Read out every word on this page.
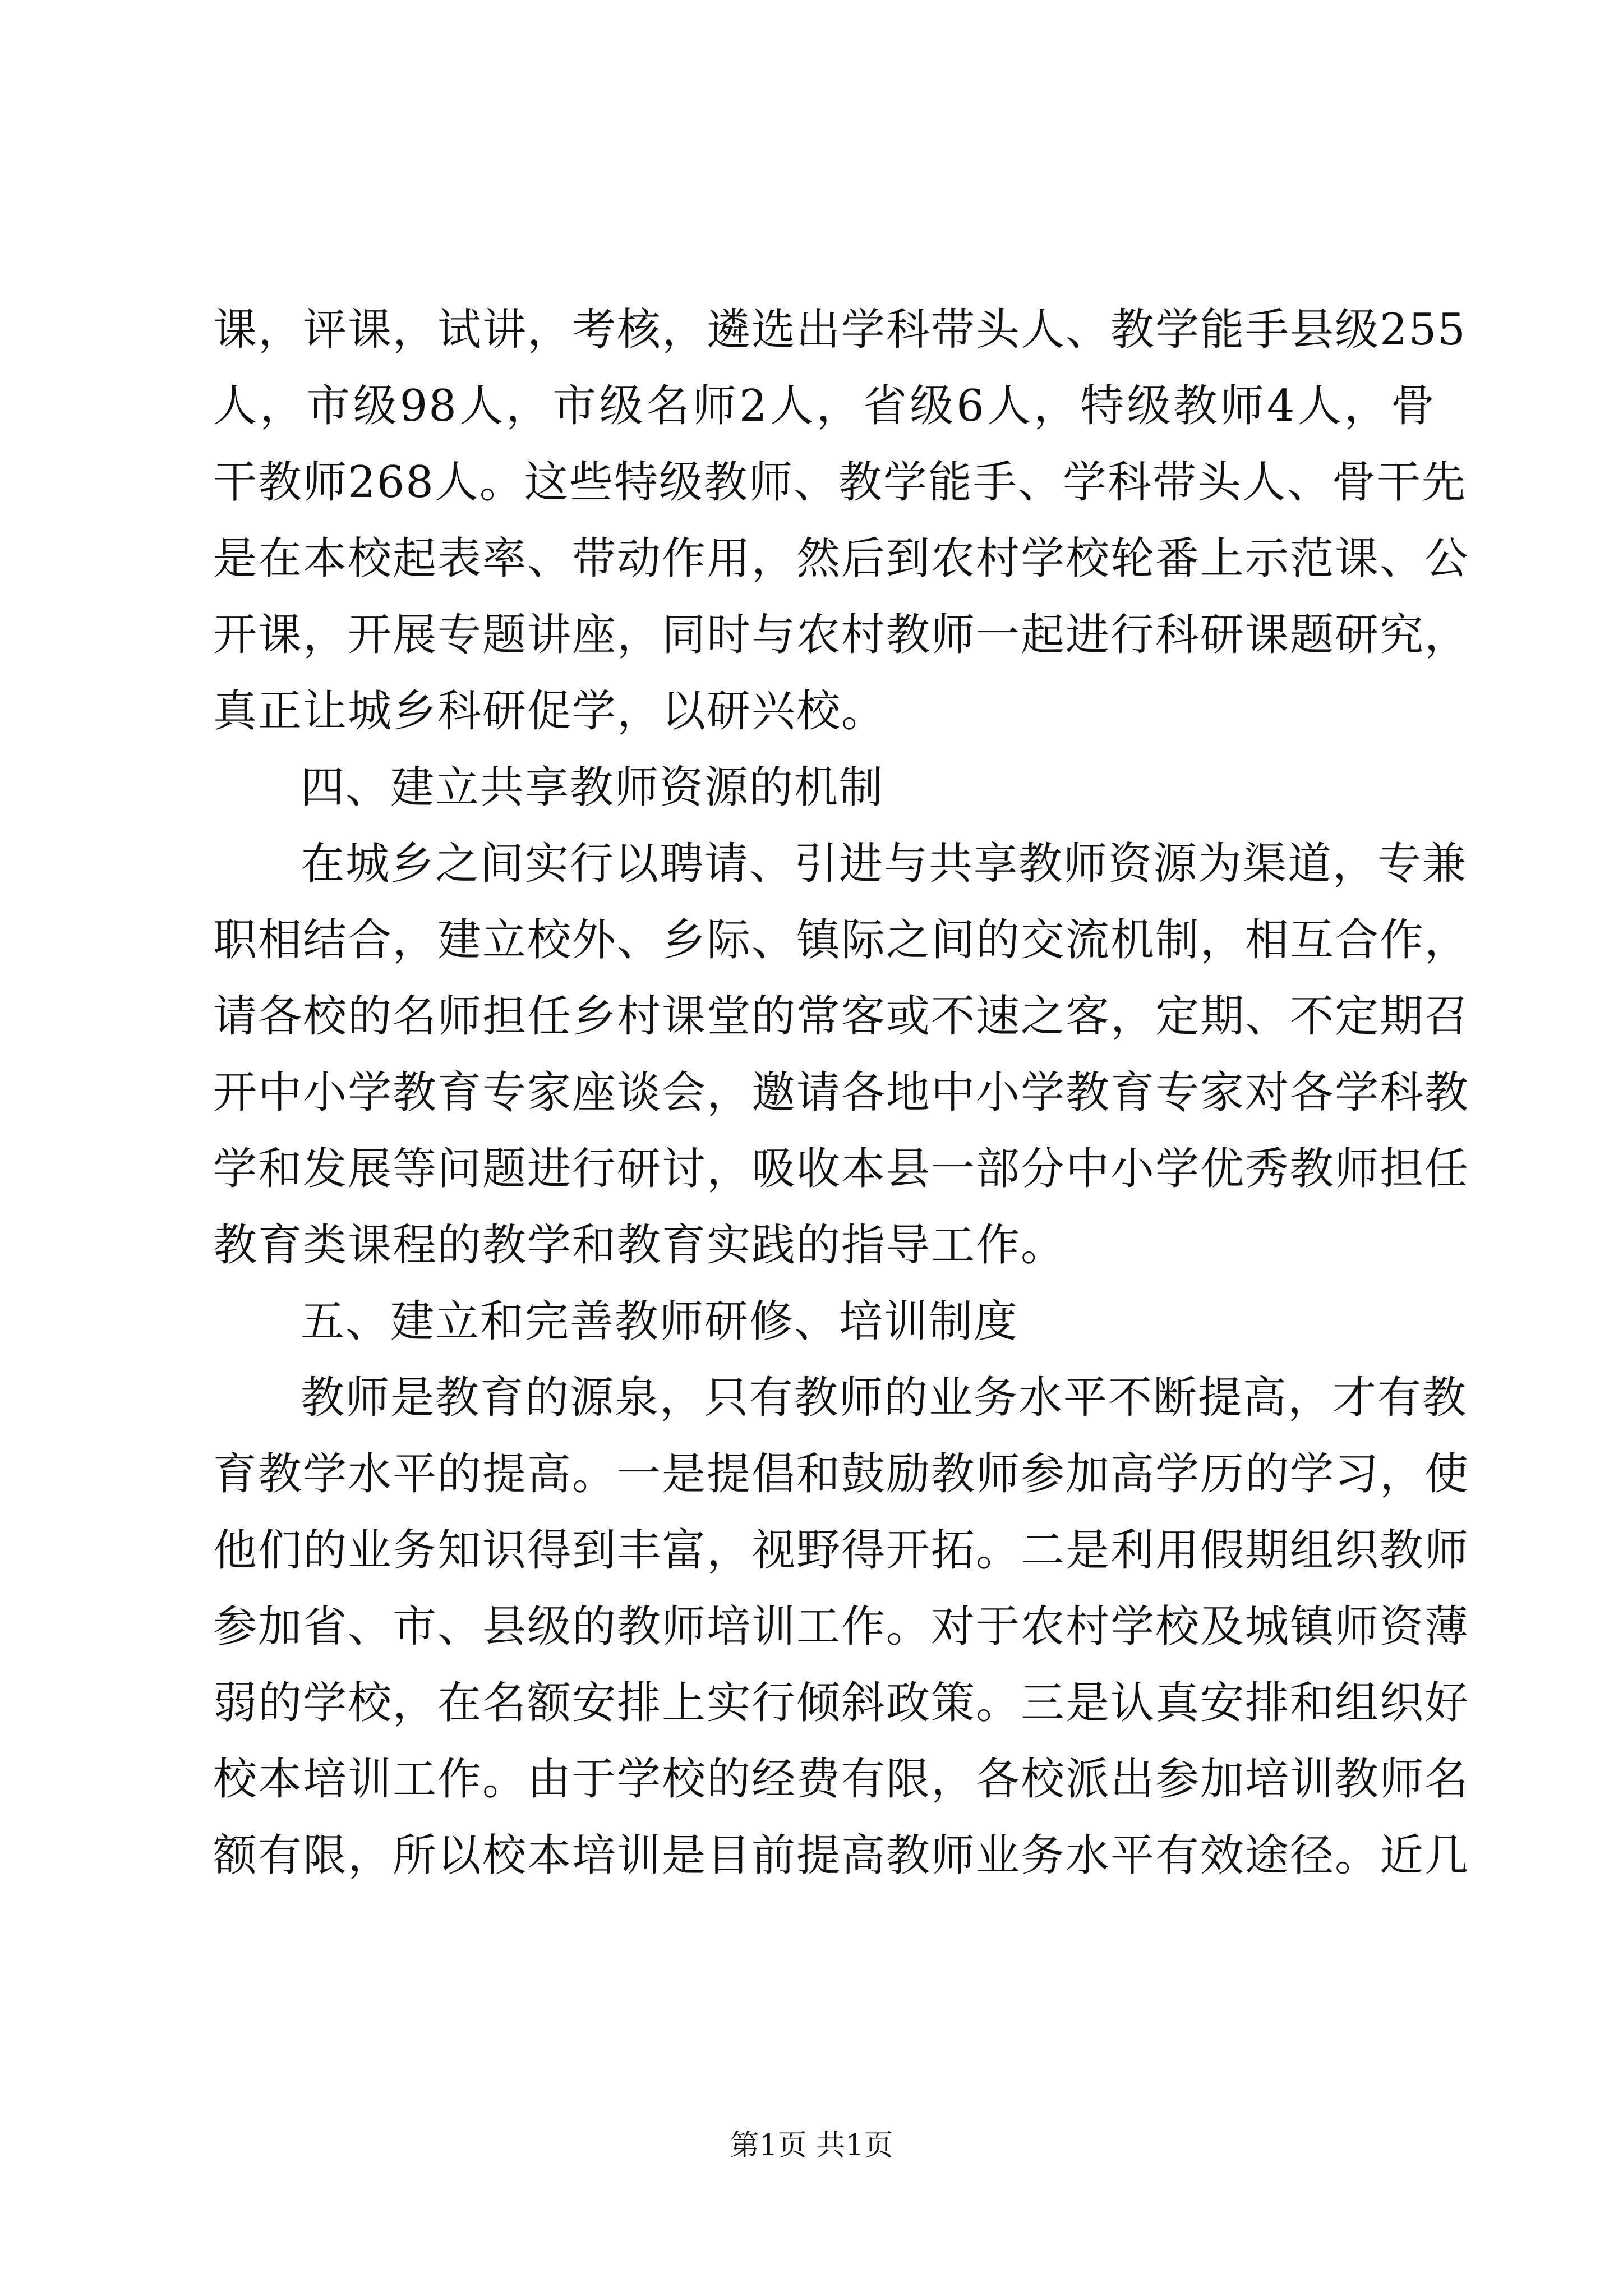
课，评课，试讲，考核，遴选出学科带头人、教学能手县级255
人，市级98人，市级名师2人，省级6人，特级教师4人，骨
干教师268人。这些特级教师、教学能手、学科带头人、骨干先
是在本校起表率、带动作用，然后到农村学校轮番上示范课、公
开课，开展专题讲座，同时与农村教师一起进行科研课题研究，
真正让城乡科研促学，以研兴校。
四、建立共享教师资源的机制
在城乡之间实行以聘请、引进与共享教师资源为渠道，专兼
职相结合，建立校外、乡际、镇际之间的交流机制，相互合作，
请各校的名师担任乡村课堂的常客或不速之客，定期、不定期召
开中小学教育专家座谈会，邀请各地中小学教育专家对各学科教
学和发展等问题进行研讨，吸收本县一部分中小学优秀教师担任
教育类课程的教学和教育实践的指导工作。
五、建立和完善教师研修、培训制度
教师是教育的源泉，只有教师的业务水平不断提高，才有教
育教学水平的提高。一是提倡和鼓励教师参加高学历的学习，使
他们的业务知识得到丰富，视野得开拓。二是利用假期组织教师
参加省、市、县级的教师培训工作。对于农村学校及城镇师资薄
弱的学校，在名额安排上实行倾斜政策。三是认真安排和组织好
校本培训工作。由于学校的经费有限，各校派出参加培训教师名
额有限，所以校本培训是目前提高教师业务水平有效途径。近几
第1页 共1页
